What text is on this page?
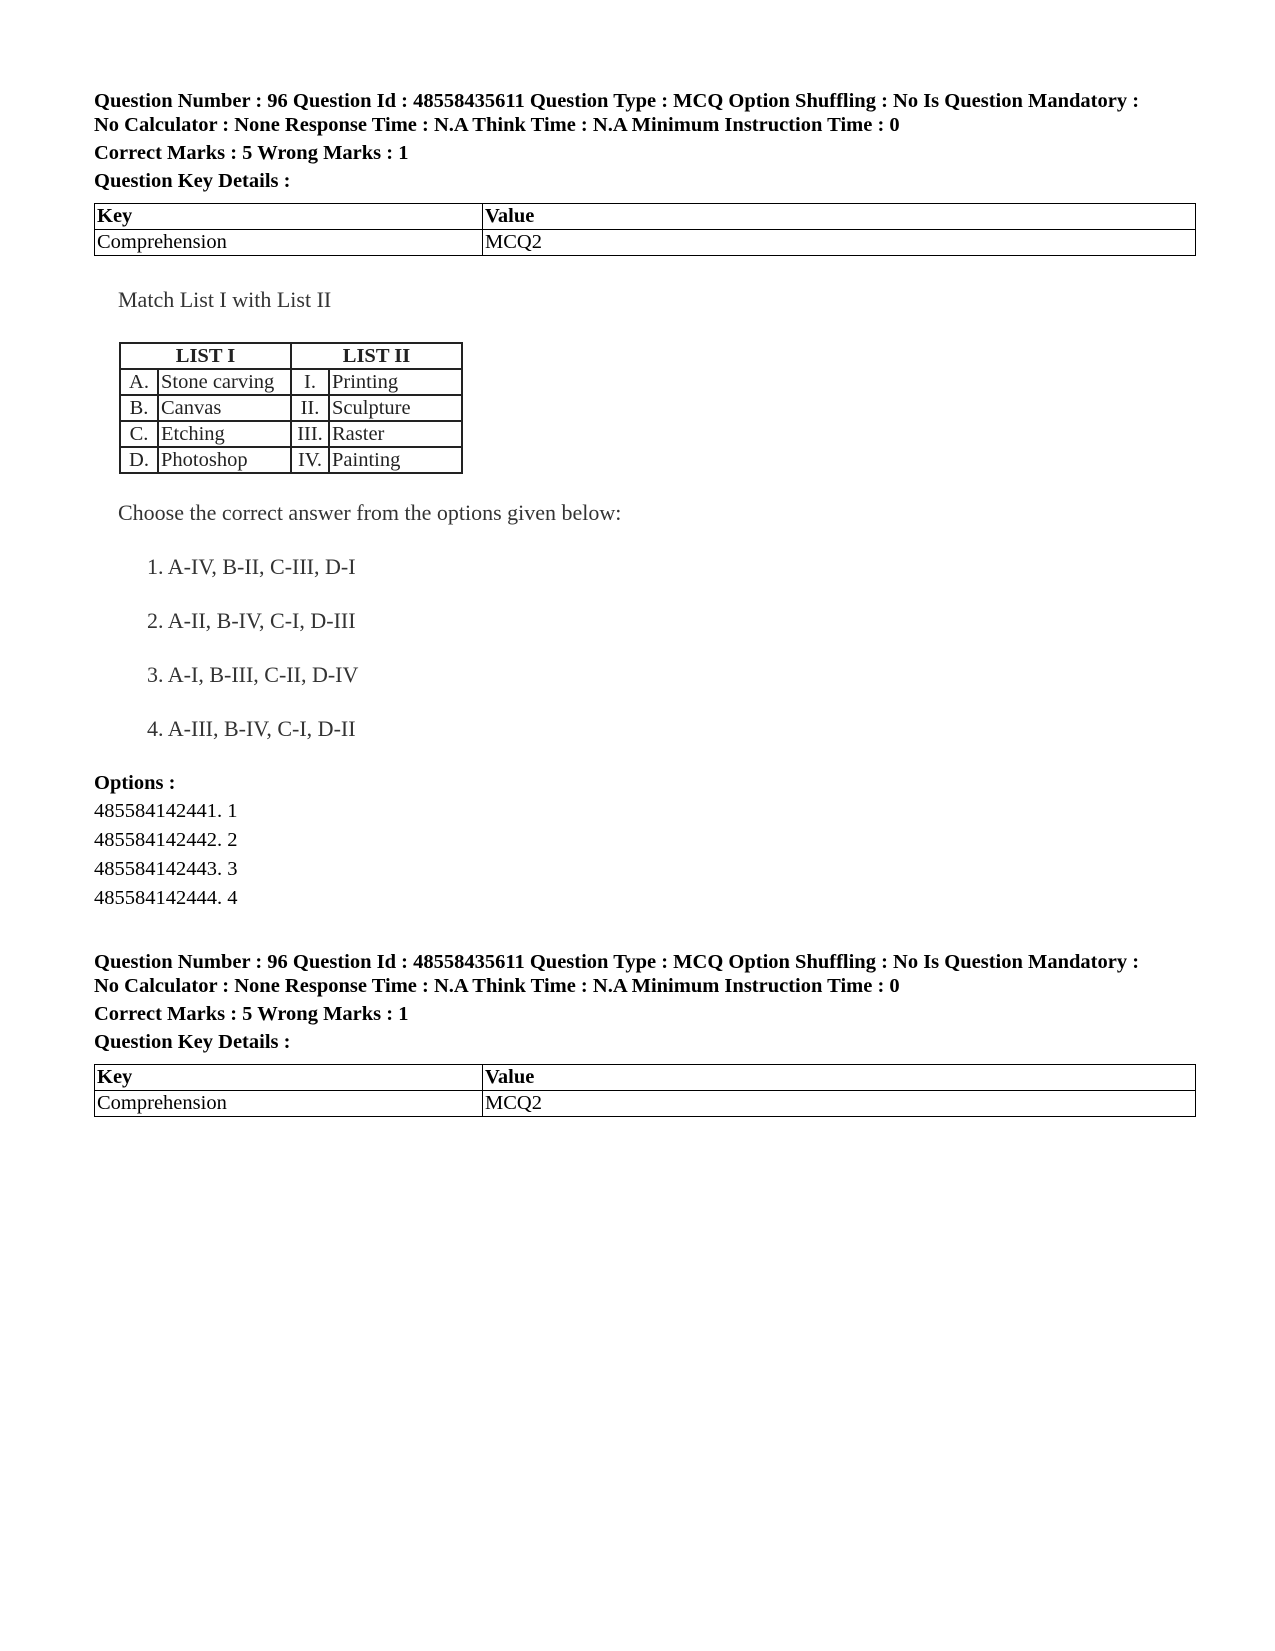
Question Number : 96 Question Id : 48558435611 Question Type : MCQ Option Shuffling : No Is Question Mandatory :
No Calculator : None Response Time : N.A Think Time : N.A Minimum Instruction Time : 0
Correct Marks : 5 Wrong Marks : 1
Question Key Details :
Key	Value
Comprehension	MCQ2
Match List I with List II
LIST I		LIST II	
A.	Stone carving	I.	Printing
B.	Canvas	II.	Sculpture
C.	Etching	III.	Raster
D.	Photoshop	IV.	Painting
Choose the correct answer from the options given below:
1. A-IV, B-II, C-III, D-I
2. A-II, B-IV, C-I, D-III
3. A-I, B-III, C-II, D-IV
4. A-III, B-IV, C-I, D-II
Options :
485584142441. 1
485584142442. 2
485584142443. 3
485584142444. 4
Question Number : 96 Question Id : 48558435611 Question Type : MCQ Option Shuffling : No Is Question Mandatory :
No Calculator : None Response Time : N.A Think Time : N.A Minimum Instruction Time : 0
Correct Marks : 5 Wrong Marks : 1
Question Key Details :
Key	Value
Comprehension	MCQ2
